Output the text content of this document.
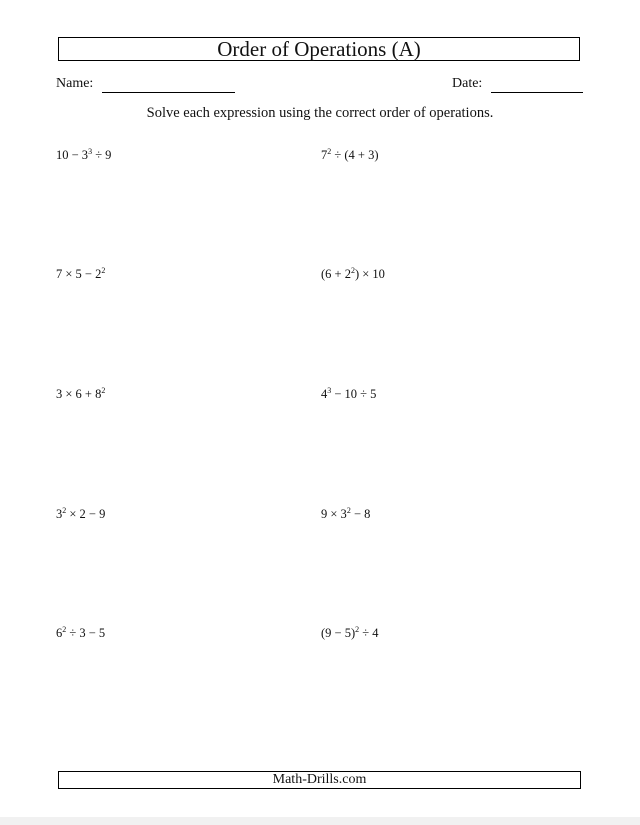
Order of Operations (A)
Name:	Date:
Solve each expression using the correct order of operations.
$10 - 3^3 \div 9$	$7^2 \div (4 + 3)$
$7 \times 5 - 2^2$	$(6 + 2^2) \times 10$
$3 \times 6 + 8^2$	$4^3 - 10 \div 5$
$3^2 \times 2 - 9$	$9 \times 3^2 - 8$
$6^2 \div 3 - 5$	$(9 - 5)^2 \div 4$
Math-Drills.com
